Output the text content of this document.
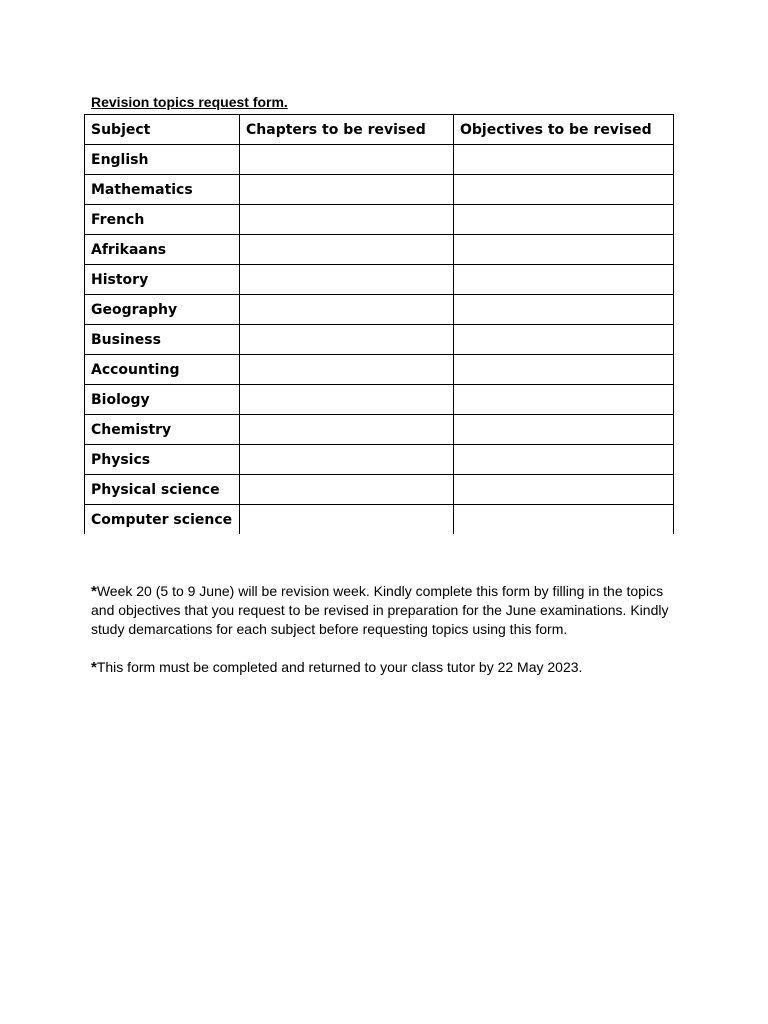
Revision topics request form.
Subject	Chapters to be revised	Objectives to be revised
English		
Mathematics		
French		
Afrikaans		
History		
Geography		
Business		
Accounting		
Biology		
Chemistry		
Physics		
Physical science		
Computer science		

*Week 20 (5 to 9 June) will be revision week. Kindly complete this form by filling in the topics and objectives that you request to be revised in preparation for the June examinations. Kindly study demarcations for each subject before requesting topics using this form.

*This form must be completed and returned to your class tutor by 22 May 2023.
